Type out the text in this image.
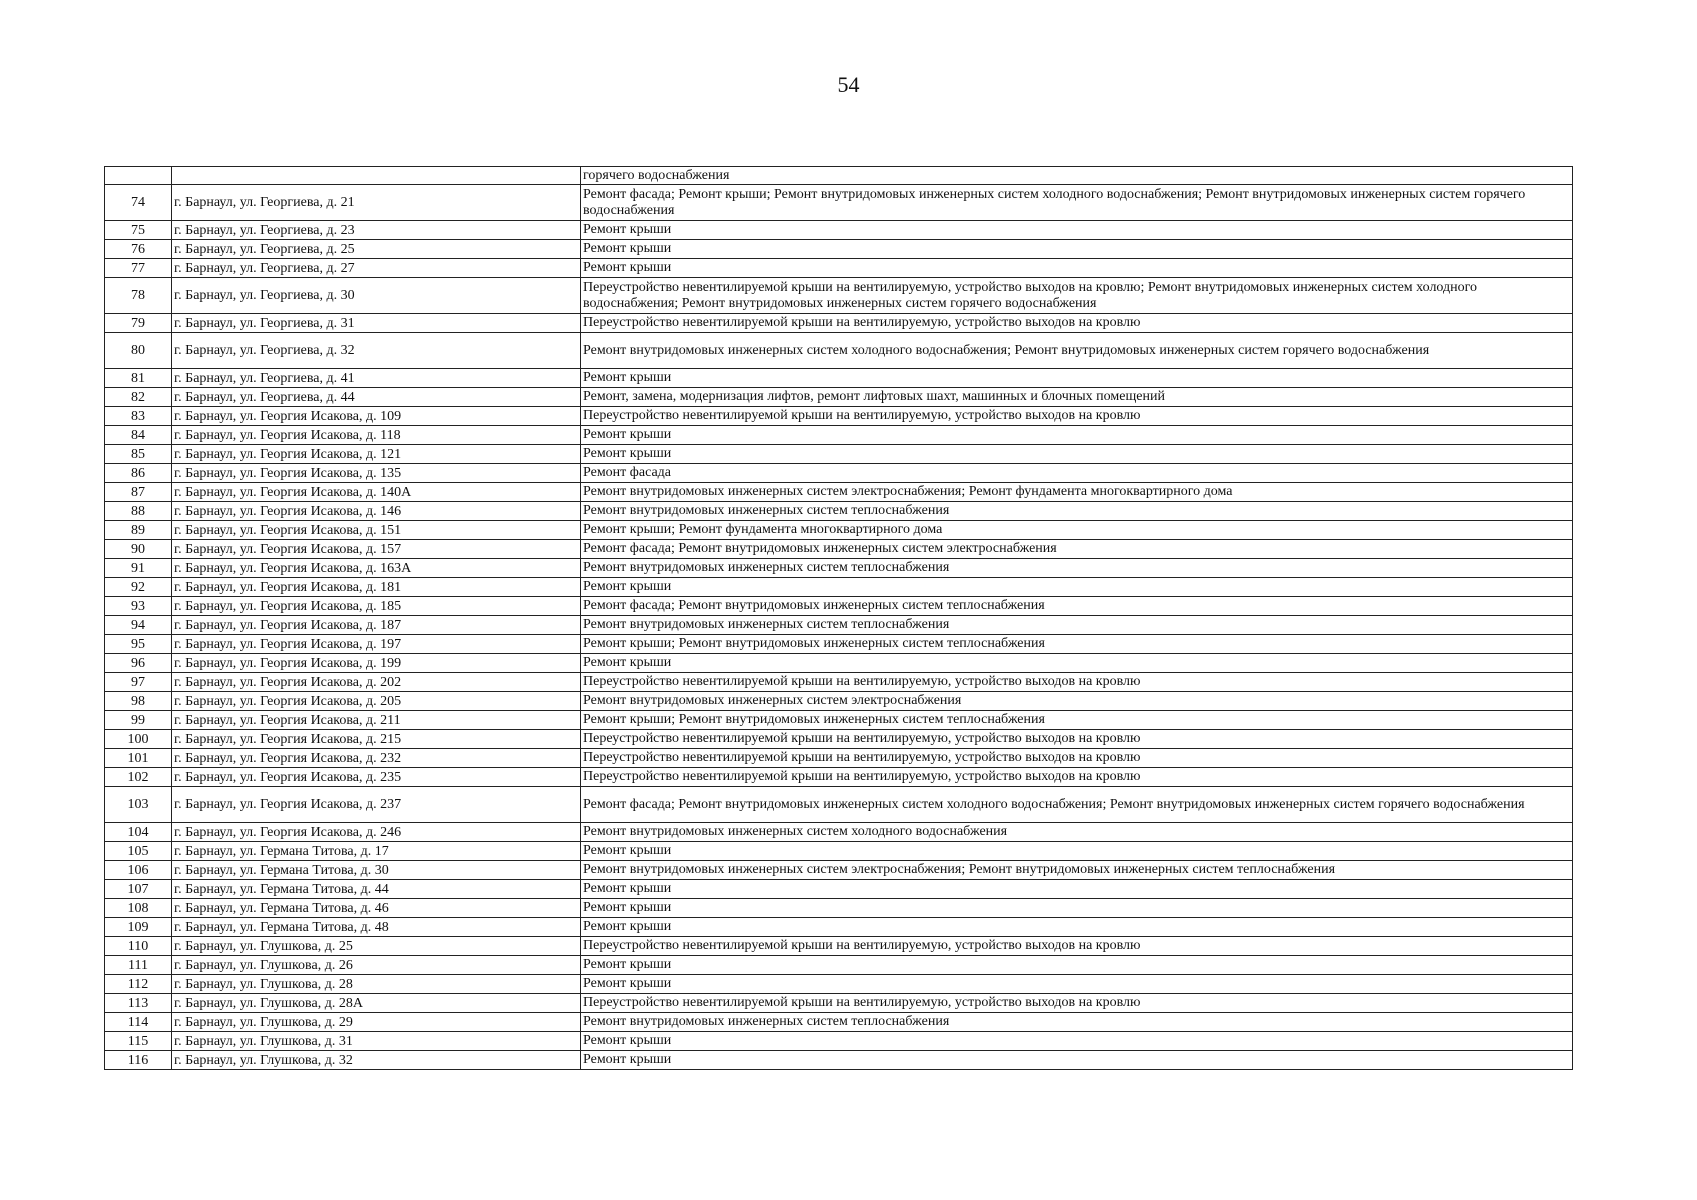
54
		горячего водоснабжения
74	г. Барнаул, ул. Георгиева, д. 21	Ремонт фасада; Ремонт крыши; Ремонт внутридомовых инженерных систем холодного водоснабжения; Ремонт внутридомовых инженерных систем горячего водоснабжения
75	г. Барнаул, ул. Георгиева, д. 23	Ремонт крыши
76	г. Барнаул, ул. Георгиева, д. 25	Ремонт крыши
77	г. Барнаул, ул. Георгиева, д. 27	Ремонт крыши
78	г. Барнаул, ул. Георгиева, д. 30	Переустройство невентилируемой крыши на вентилируемую, устройство выходов на кровлю; Ремонт внутридомовых инженерных систем холодного водоснабжения; Ремонт внутридомовых инженерных систем горячего водоснабжения
79	г. Барнаул, ул. Георгиева, д. 31	Переустройство невентилируемой крыши на вентилируемую, устройство выходов на кровлю
80	г. Барнаул, ул. Георгиева, д. 32	Ремонт внутридомовых инженерных систем холодного водоснабжения; Ремонт внутридомовых инженерных систем горячего водоснабжения
81	г. Барнаул, ул. Георгиева, д. 41	Ремонт крыши
82	г. Барнаул, ул. Георгиева, д. 44	Ремонт, замена, модернизация лифтов, ремонт лифтовых шахт, машинных и блочных помещений
83	г. Барнаул, ул. Георгия Исакова, д. 109	Переустройство невентилируемой крыши на вентилируемую, устройство выходов на кровлю
84	г. Барнаул, ул. Георгия Исакова, д. 118	Ремонт крыши
85	г. Барнаул, ул. Георгия Исакова, д. 121	Ремонт крыши
86	г. Барнаул, ул. Георгия Исакова, д. 135	Ремонт фасада
87	г. Барнаул, ул. Георгия Исакова, д. 140А	Ремонт внутридомовых инженерных систем электроснабжения; Ремонт фундамента многоквартирного дома
88	г. Барнаул, ул. Георгия Исакова, д. 146	Ремонт внутридомовых инженерных систем теплоснабжения
89	г. Барнаул, ул. Георгия Исакова, д. 151	Ремонт крыши; Ремонт фундамента многоквартирного дома
90	г. Барнаул, ул. Георгия Исакова, д. 157	Ремонт фасада; Ремонт внутридомовых инженерных систем электроснабжения
91	г. Барнаул, ул. Георгия Исакова, д. 163А	Ремонт внутридомовых инженерных систем теплоснабжения
92	г. Барнаул, ул. Георгия Исакова, д. 181	Ремонт крыши
93	г. Барнаул, ул. Георгия Исакова, д. 185	Ремонт фасада; Ремонт внутридомовых инженерных систем теплоснабжения
94	г. Барнаул, ул. Георгия Исакова, д. 187	Ремонт внутридомовых инженерных систем теплоснабжения
95	г. Барнаул, ул. Георгия Исакова, д. 197	Ремонт крыши; Ремонт внутридомовых инженерных систем теплоснабжения
96	г. Барнаул, ул. Георгия Исакова, д. 199	Ремонт крыши
97	г. Барнаул, ул. Георгия Исакова, д. 202	Переустройство невентилируемой крыши на вентилируемую, устройство выходов на кровлю
98	г. Барнаул, ул. Георгия Исакова, д. 205	Ремонт внутридомовых инженерных систем электроснабжения
99	г. Барнаул, ул. Георгия Исакова, д. 211	Ремонт крыши; Ремонт внутридомовых инженерных систем теплоснабжения
100	г. Барнаул, ул. Георгия Исакова, д. 215	Переустройство невентилируемой крыши на вентилируемую, устройство выходов на кровлю
101	г. Барнаул, ул. Георгия Исакова, д. 232	Переустройство невентилируемой крыши на вентилируемую, устройство выходов на кровлю
102	г. Барнаул, ул. Георгия Исакова, д. 235	Переустройство невентилируемой крыши на вентилируемую, устройство выходов на кровлю
103	г. Барнаул, ул. Георгия Исакова, д. 237	Ремонт фасада; Ремонт внутридомовых инженерных систем холодного водоснабжения; Ремонт внутридомовых инженерных систем горячего водоснабжения
104	г. Барнаул, ул. Георгия Исакова, д. 246	Ремонт внутридомовых инженерных систем холодного водоснабжения
105	г. Барнаул, ул. Германа Титова, д. 17	Ремонт крыши
106	г. Барнаул, ул. Германа Титова, д. 30	Ремонт внутридомовых инженерных систем электроснабжения; Ремонт внутридомовых инженерных систем теплоснабжения
107	г. Барнаул, ул. Германа Титова, д. 44	Ремонт крыши
108	г. Барнаул, ул. Германа Титова, д. 46	Ремонт крыши
109	г. Барнаул, ул. Германа Титова, д. 48	Ремонт крыши
110	г. Барнаул, ул. Глушкова, д. 25	Переустройство невентилируемой крыши на вентилируемую, устройство выходов на кровлю
111	г. Барнаул, ул. Глушкова, д. 26	Ремонт крыши
112	г. Барнаул, ул. Глушкова, д. 28	Ремонт крыши
113	г. Барнаул, ул. Глушкова, д. 28А	Переустройство невентилируемой крыши на вентилируемую, устройство выходов на кровлю
114	г. Барнаул, ул. Глушкова, д. 29	Ремонт внутридомовых инженерных систем теплоснабжения
115	г. Барнаул, ул. Глушкова, д. 31	Ремонт крыши
116	г. Барнаул, ул. Глушкова, д. 32	Ремонт крыши
